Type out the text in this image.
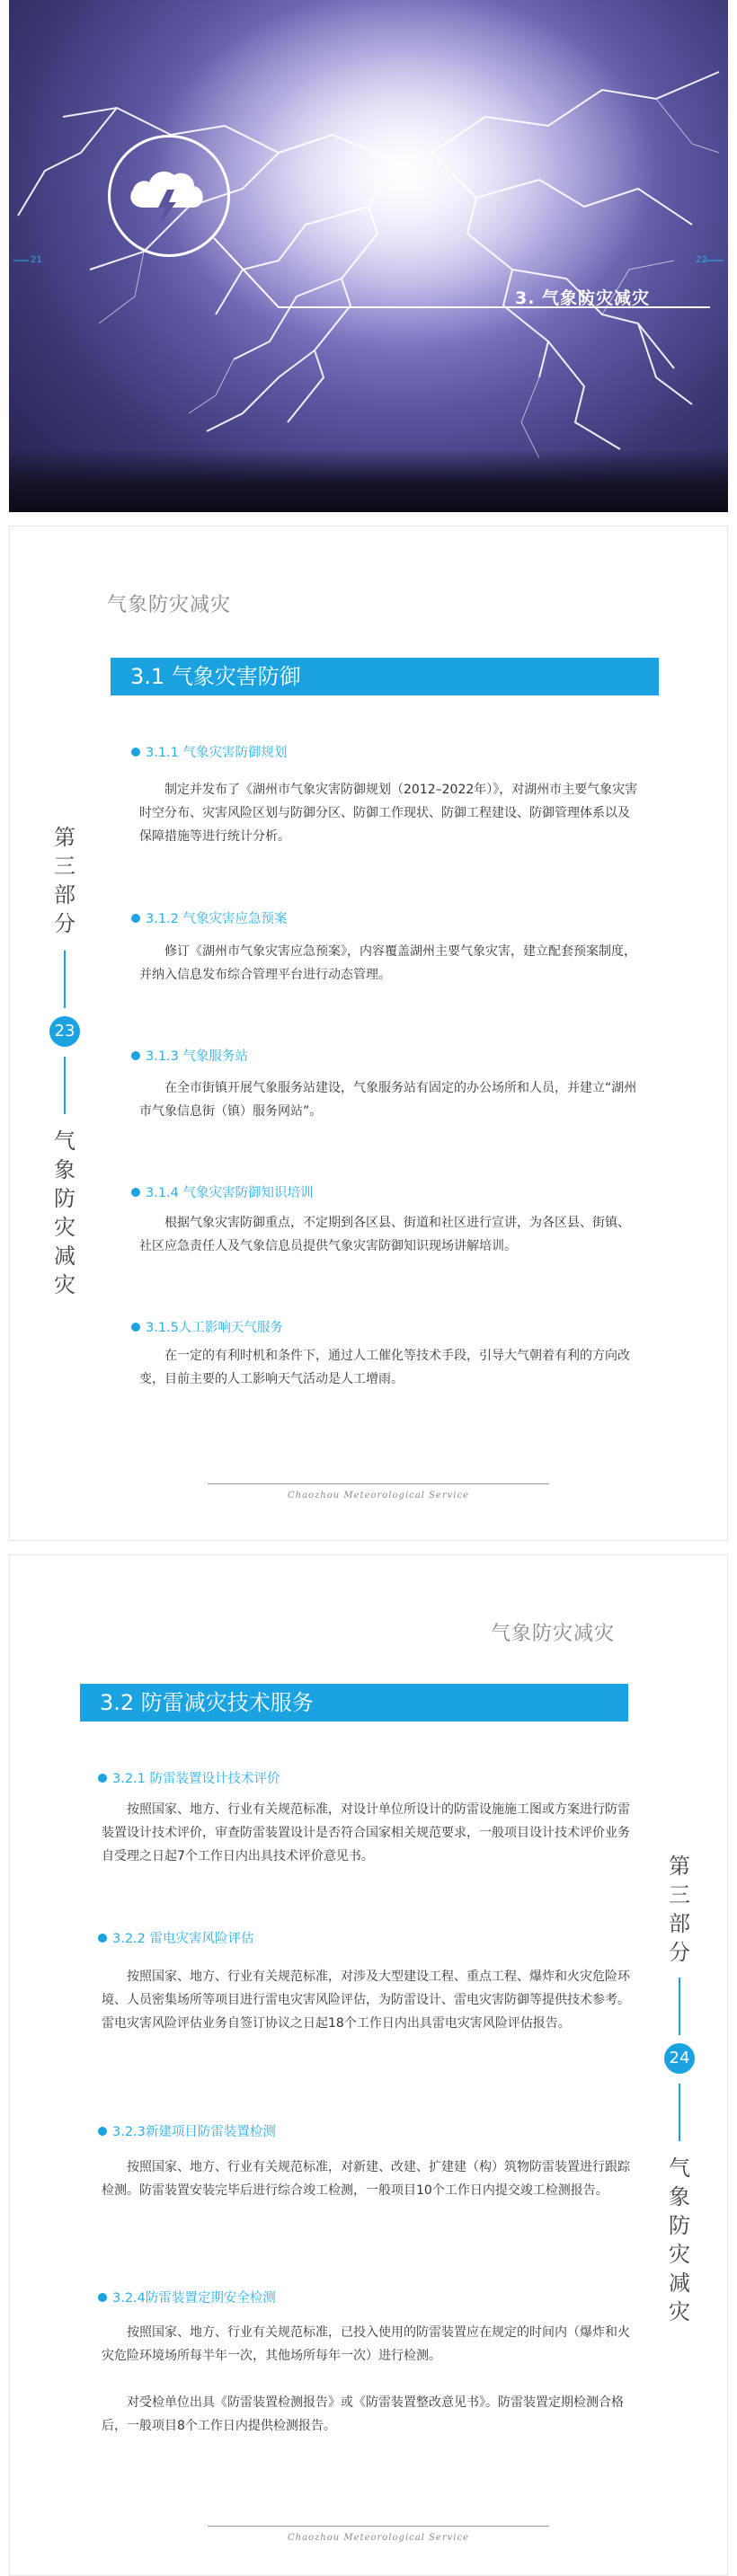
3. 气象防灾减灾
21	22
气象防灾减灾
3.1 气象灾害防御
第
三
部
分
23
气
象
防
灾
减
灾
3.1.1 气象灾害防御规划
制定并发布了《湖州市气象灾害防御规划（2012–2022年）》，对湖州市主要气象灾害时空分布、灾害风险区划与防御分区、防御工作现状、防御工程建设、防御管理体系以及保障措施等进行统计分析。
3.1.2 气象灾害应急预案
修订《湖州市气象灾害应急预案》，内容覆盖湖州主要气象灾害，建立配套预案制度，并纳入信息发布综合管理平台进行动态管理。
3.1.3 气象服务站
在全市街镇开展气象服务站建设，气象服务站有固定的办公场所和人员，并建立“湖州市气象信息街（镇）服务网站”。
3.1.4 气象灾害防御知识培训
根据气象灾害防御重点，不定期到各区县、街道和社区进行宣讲，为各区县、街镇、社区应急责任人及气象信息员提供气象灾害防御知识现场讲解培训。
3.1.5人工影响天气服务
在一定的有利时机和条件下，通过人工催化等技术手段，引导大气朝着有利的方向改变，目前主要的人工影响天气活动是人工增雨。
Chaozhou Meteorological Service
气象防灾减灾
3.2 防雷减灾技术服务
第
三
部
分
24
气
象
防
灾
减
灾
3.2.1 防雷装置设计技术评价
按照国家、地方、行业有关规范标准，对设计单位所设计的防雷设施施工图或方案进行防雷装置设计技术评价，审查防雷装置设计是否符合国家相关规范要求，一般项目设计技术评价业务自受理之日起7个工作日内出具技术评价意见书。
3.2.2 雷电灾害风险评估
按照国家、地方、行业有关规范标准，对涉及大型建设工程、重点工程、爆炸和火灾危险环境、人员密集场所等项目进行雷电灾害风险评估，为防雷设计、雷电灾害防御等提供技术参考。雷电灾害风险评估业务自签订协议之日起18个工作日内出具雷电灾害风险评估报告。
3.2.3新建项目防雷装置检测
按照国家、地方、行业有关规范标准，对新建、改建、扩建建（构）筑物防雷装置进行跟踪检测。防雷装置安装完毕后进行综合竣工检测，一般项目10个工作日内提交竣工检测报告。
3.2.4防雷装置定期安全检测
按照国家、地方、行业有关规范标准，已投入使用的防雷装置应在规定的时间内（爆炸和火灾危险环境场所每半年一次，其他场所每年一次）进行检测。
对受检单位出具《防雷装置检测报告》或《防雷装置整改意见书》。防雷装置定期检测合格后，一般项目8个工作日内提供检测报告。
Chaozhou Meteorological Service
